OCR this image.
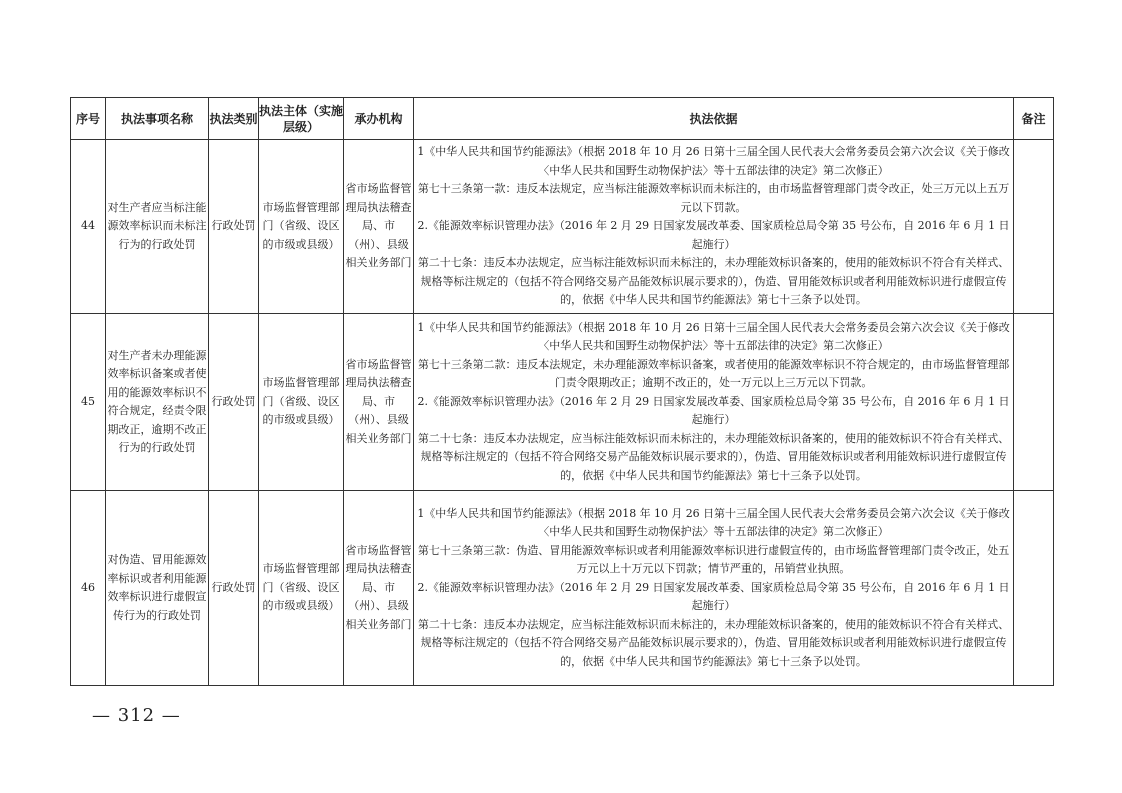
序号	执法事项名称	执法类别	执法主体（实施层级）	承办机构	执法依据	备注
44	对生产者应当标注能源效率标识而未标注行为的行政处罚	行政处罚	市场监督管理部门（省级、设区的市级或县级）	省市场监督管理局执法稽查局、市（州）、县级相关业务部门	1《中华人民共和国节约能源法》（根据 2018 年 10 月 26 日第十三届全国人民代表大会常务委员会第六次会议《关于修改〈中华人民共和国野生动物保护法〉等十五部法律的决定》第二次修正）

第七十三条第一款：违反本法规定，应当标注能源效率标识而未标注的，由市场监督管理部门责令改正，处三万元以上五万元以下罚款。

2.《能源效率标识管理办法》（2016 年 2 月 29 日国家发展改革委、国家质检总局令第 35 号公布，自 2016 年 6 月 1 日起施行）

第二十七条：违反本办法规定，应当标注能效标识而未标注的，未办理能效标识备案的，使用的能效标识不符合有关样式、规格等标注规定的（包括不符合网络交易产品能效标识展示要求的），伪造、冒用能效标识或者利用能效标识进行虚假宣传的，依据《中华人民共和国节约能源法》第七十三条予以处罚。	

45	对生产者未办理能源效率标识备案或者使用的能源效率标识不符合规定，经责令限期改正，逾期不改正行为的行政处罚	行政处罚	市场监督管理部门（省级、设区的市级或县级）	省市场监督管理局执法稽查局、市（州）、县级相关业务部门	1《中华人民共和国节约能源法》（根据 2018 年 10 月 26 日第十三届全国人民代表大会常务委员会第六次会议《关于修改〈中华人民共和国野生动物保护法〉等十五部法律的决定》第二次修正）

第七十三条第二款：违反本法规定，未办理能源效率标识备案，或者使用的能源效率标识不符合规定的，由市场监督管理部门责令限期改正；逾期不改正的，处一万元以上三万元以下罚款。

2.《能源效率标识管理办法》（2016 年 2 月 29 日国家发展改革委、国家质检总局令第 35 号公布，自 2016 年 6 月 1 日起施行）

第二十七条：违反本办法规定，应当标注能效标识而未标注的，未办理能效标识备案的，使用的能效标识不符合有关样式、规格等标注规定的（包括不符合网络交易产品能效标识展示要求的），伪造、冒用能效标识或者利用能效标识进行虚假宣传的，依据《中华人民共和国节约能源法》第七十三条予以处罚。	

46	对伪造、冒用能源效率标识或者利用能源效率标识进行虚假宣传行为的行政处罚	行政处罚	市场监督管理部门（省级、设区的市级或县级）	省市场监督管理局执法稽查局、市（州）、县级相关业务部门	1《中华人民共和国节约能源法》（根据 2018 年 10 月 26 日第十三届全国人民代表大会常务委员会第六次会议《关于修改〈中华人民共和国野生动物保护法〉等十五部法律的决定》第二次修正）

第七十三条第三款：伪造、冒用能源效率标识或者利用能源效率标识进行虚假宣传的，由市场监督管理部门责令改正，处五万元以上十万元以下罚款；情节严重的，吊销营业执照。

2.《能源效率标识管理办法》（2016 年 2 月 29 日国家发展改革委、国家质检总局令第 35 号公布，自 2016 年 6 月 1 日起施行）

第二十七条：违反本办法规定，应当标注能效标识而未标注的，未办理能效标识备案的，使用的能效标识不符合有关样式、规格等标注规定的（包括不符合网络交易产品能效标识展示要求的），伪造、冒用能效标识或者利用能效标识进行虚假宣传的，依据《中华人民共和国节约能源法》第七十三条予以处罚。	

— 312 —
